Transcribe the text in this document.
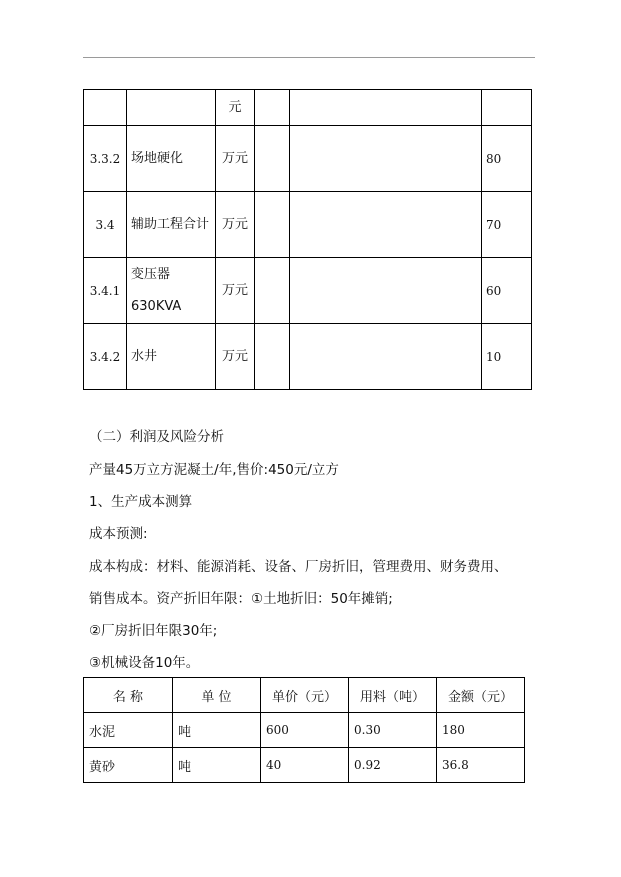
		元			
3.3.2	场地硬化	万元			80
3.4	辅助工程合计	万元			70
3.4.1	变压器630KVA	万元			60
3.4.2	水井	万元			10
（二）利润及风险分析
产量45万立方泥凝土/年,售价:450元/立方
1、生产成本测算
成本预测:
成本构成：材料、能源消耗、设备、厂房折旧，管理费用、财务费用、
销售成本。资产折旧年限：①土地折旧：50年摊销;
②厂房折旧年限30年;
③机械设备10年。
名 称	单 位	单价（元）	用料（吨）	金额（元）
水泥	吨	600	0.30	180
黄砂	吨	40	0.92	36.8
